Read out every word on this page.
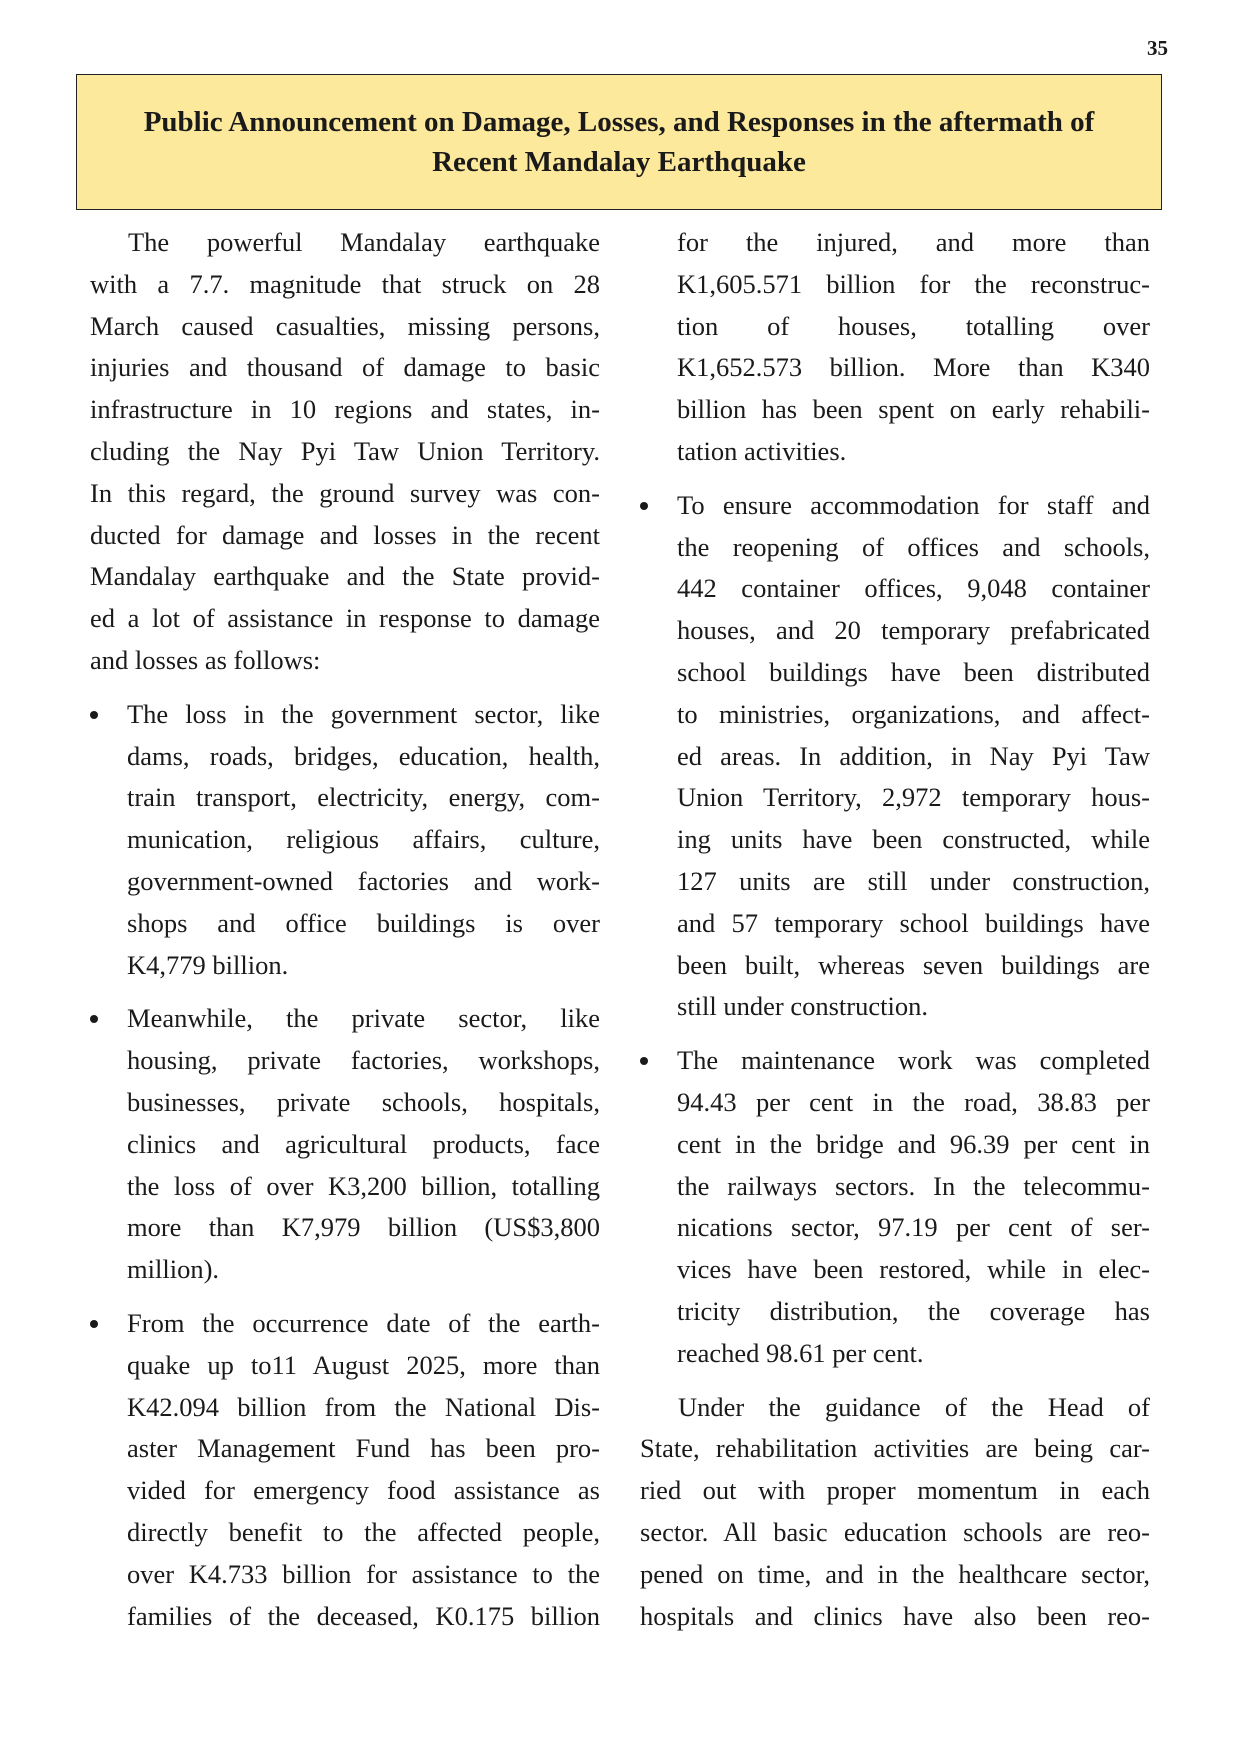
35
Public Announcement on Damage, Losses, and Responses in the aftermath of
Recent Mandalay Earthquake
The powerful Mandalay earthquake
with a 7.7. magnitude that struck on 28
March caused casualties, missing persons,
injuries and thousand of damage to basic
infrastructure in 10 regions and states, in-
cluding the Nay Pyi Taw Union Territory.
In this regard, the ground survey was con-
ducted for damage and losses in the recent
Mandalay earthquake and the State provid-
ed a lot of assistance in response to damage
and losses as follows:
The loss in the government sector, like
dams, roads, bridges, education, health,
train transport, electricity, energy, com-
munication, religious affairs, culture,
government-owned factories and work-
shops and office buildings is over
K4,779 billion.
Meanwhile, the private sector, like
housing, private factories, workshops,
businesses, private schools, hospitals,
clinics and agricultural products, face
the loss of over K3,200 billion, totalling
more than K7,979 billion (US$3,800
million).
From the occurrence date of the earth-
quake up to11 August 2025, more than
K42.094 billion from the National Dis-
aster Management Fund has been pro-
vided for emergency food assistance as
directly benefit to the affected people,
over K4.733 billion for assistance to the
families of the deceased, K0.175 billion
for the injured, and more than
K1,605.571 billion for the reconstruc-
tion of houses, totalling over
K1,652.573 billion. More than K340
billion has been spent on early rehabili-
tation activities.
To ensure accommodation for staff and
the reopening of offices and schools,
442 container offices, 9,048 container
houses, and 20 temporary prefabricated
school buildings have been distributed
to ministries, organizations, and affect-
ed areas. In addition, in Nay Pyi Taw
Union Territory, 2,972 temporary hous-
ing units have been constructed, while
127 units are still under construction,
and 57 temporary school buildings have
been built, whereas seven buildings are
still under construction.
The maintenance work was completed
94.43 per cent in the road, 38.83 per
cent in the bridge and 96.39 per cent in
the railways sectors. In the telecommu-
nications sector, 97.19 per cent of ser-
vices have been restored, while in elec-
tricity distribution, the coverage has
reached 98.61 per cent.
Under the guidance of the Head of
State, rehabilitation activities are being car-
ried out with proper momentum in each
sector. All basic education schools are reo-
pened on time, and in the healthcare sector,
hospitals and clinics have also been reo-
